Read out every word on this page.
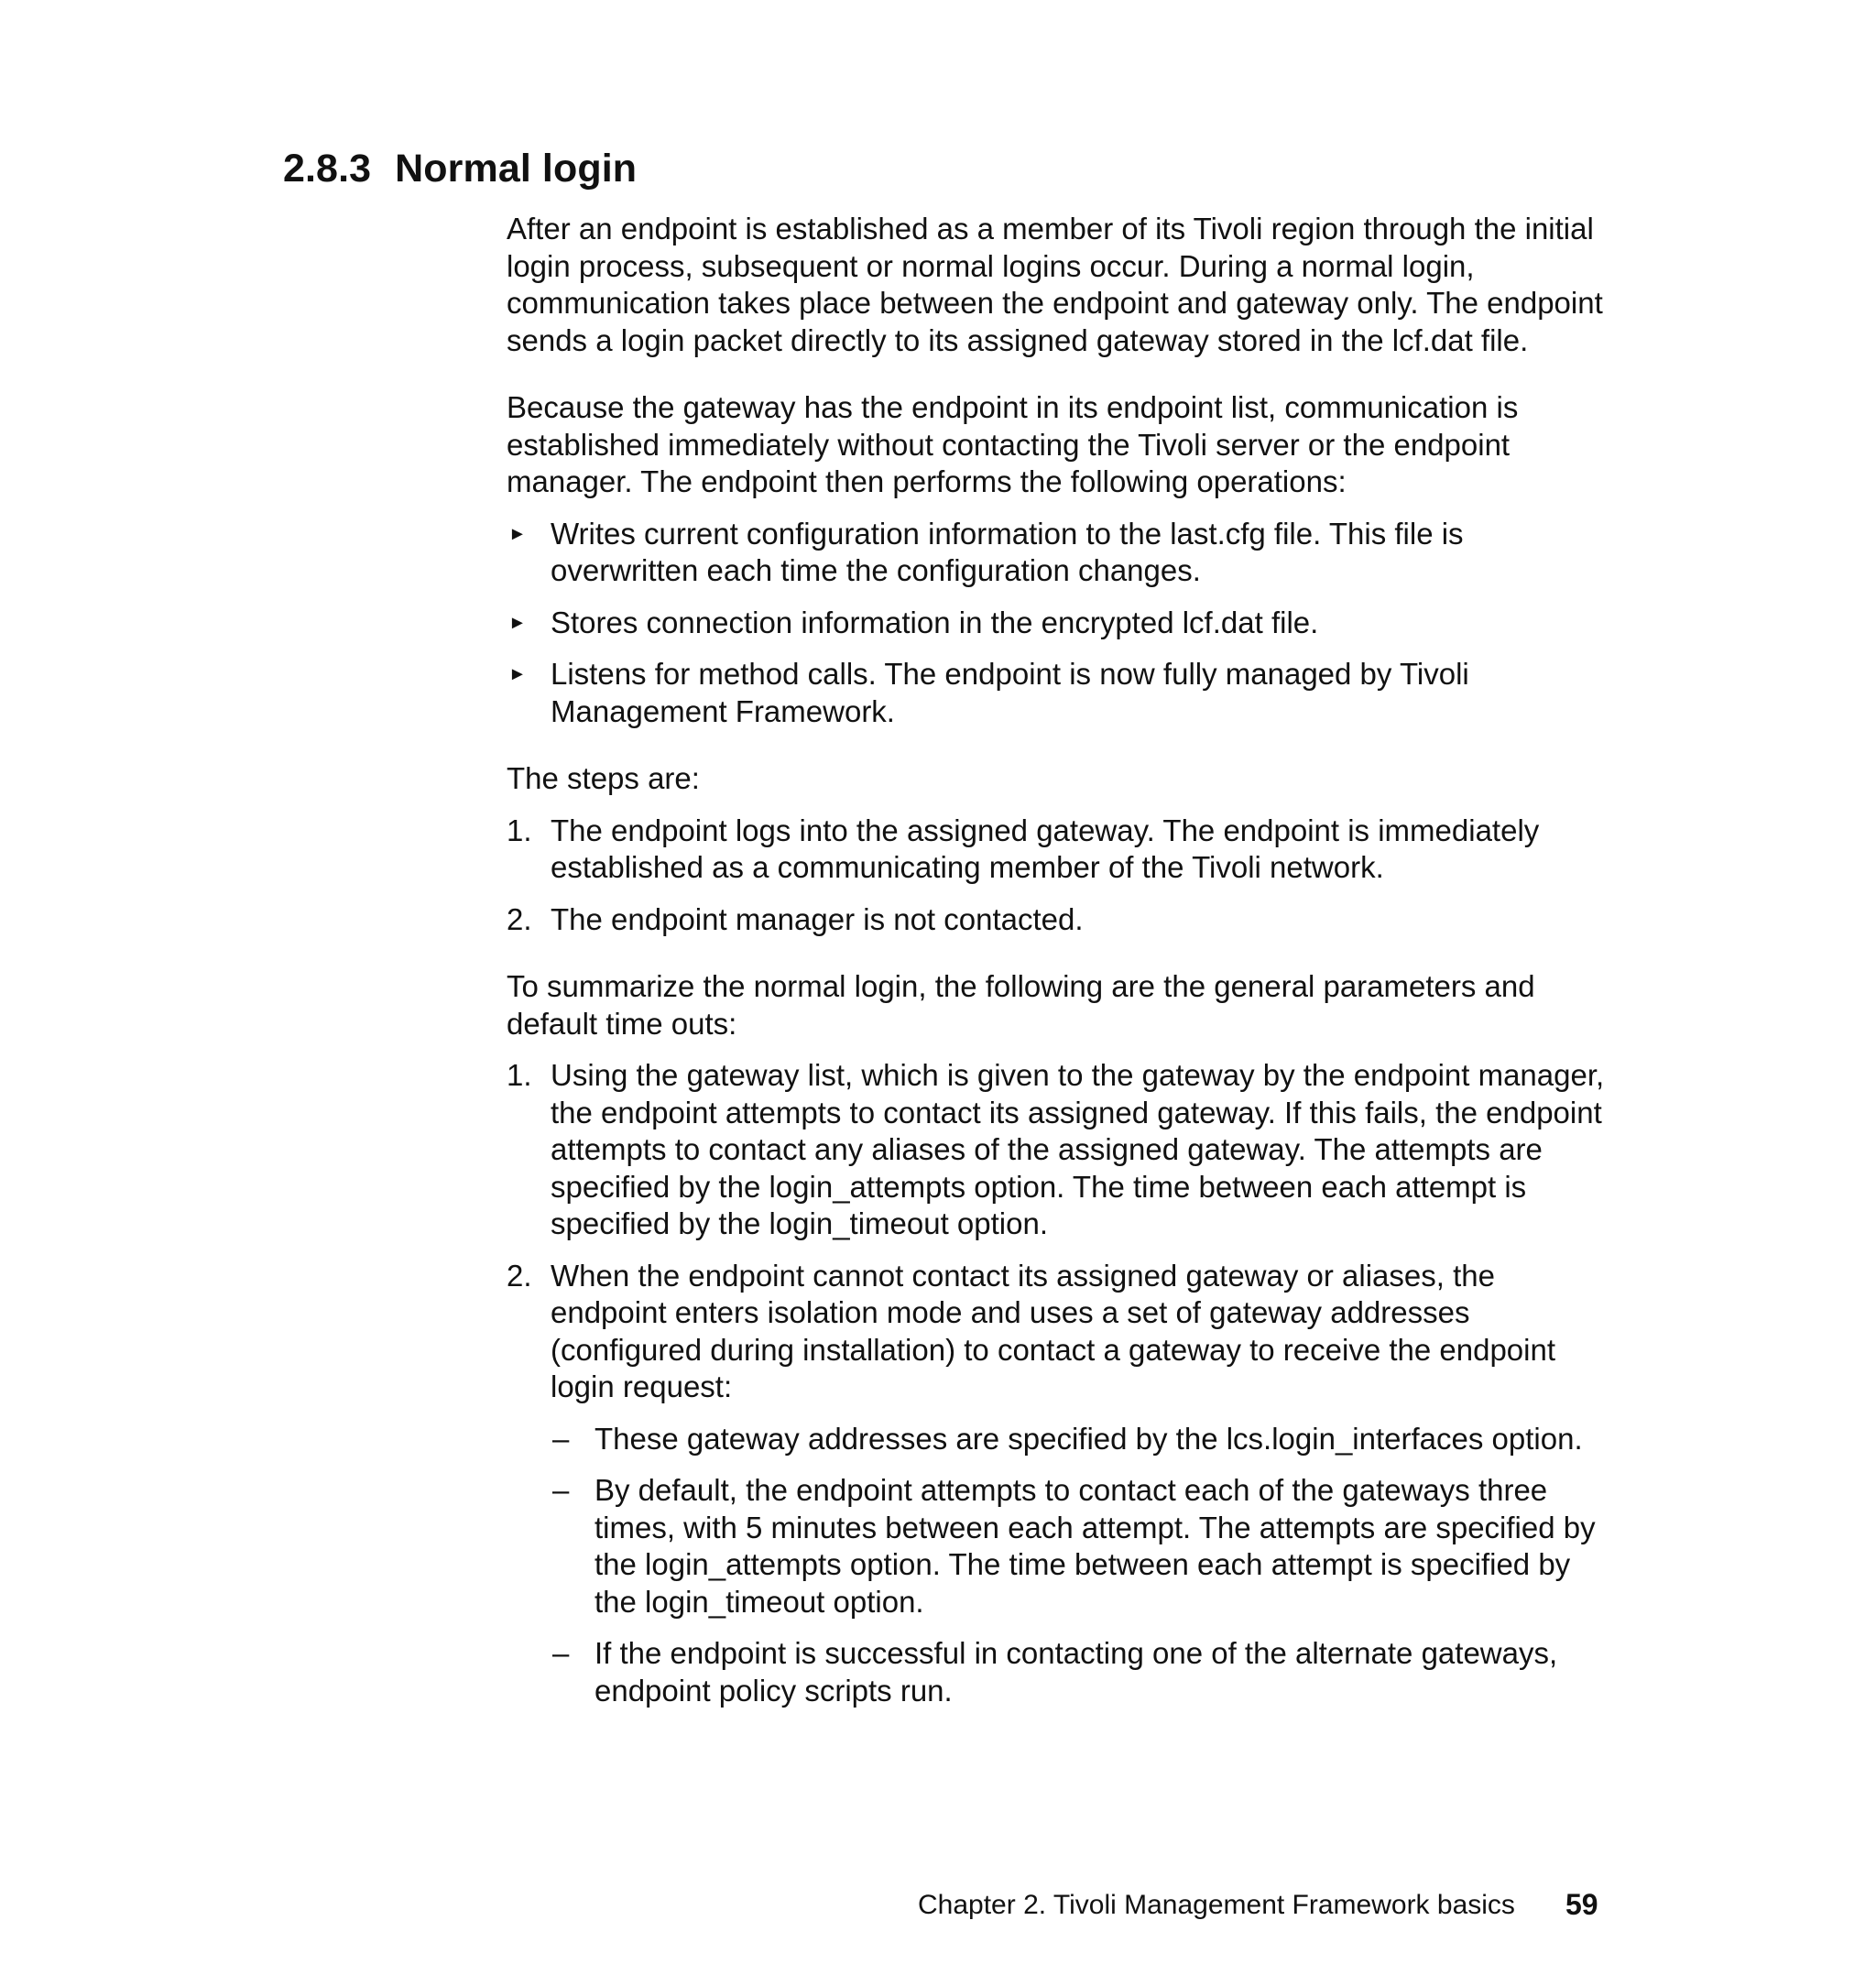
2.8.3 Normal login

After an endpoint is established as a member of its Tivoli region through the initial login process, subsequent or normal logins occur. During a normal login, communication takes place between the endpoint and gateway only. The endpoint sends a login packet directly to its assigned gateway stored in the lcf.dat file.

Because the gateway has the endpoint in its endpoint list, communication is established immediately without contacting the Tivoli server or the endpoint manager. The endpoint then performs the following operations:

► Writes current configuration information to the last.cfg file. This file is overwritten each time the configuration changes.
► Stores connection information in the encrypted lcf.dat file.
► Listens for method calls. The endpoint is now fully managed by Tivoli Management Framework.

The steps are:

1. The endpoint logs into the assigned gateway. The endpoint is immediately established as a communicating member of the Tivoli network.
2. The endpoint manager is not contacted.

To summarize the normal login, the following are the general parameters and default time outs:

1. Using the gateway list, which is given to the gateway by the endpoint manager, the endpoint attempts to contact its assigned gateway. If this fails, the endpoint attempts to contact any aliases of the assigned gateway. The attempts are specified by the login_attempts option. The time between each attempt is specified by the login_timeout option.
2. When the endpoint cannot contact its assigned gateway or aliases, the endpoint enters isolation mode and uses a set of gateway addresses (configured during installation) to contact a gateway to receive the endpoint login request:
– These gateway addresses are specified by the lcs.login_interfaces option.
– By default, the endpoint attempts to contact each of the gateways three times, with 5 minutes between each attempt. The attempts are specified by the login_attempts option. The time between each attempt is specified by the login_timeout option.
– If the endpoint is successful in contacting one of the alternate gateways, endpoint policy scripts run.
Chapter 2. Tivoli Management Framework basics 59
